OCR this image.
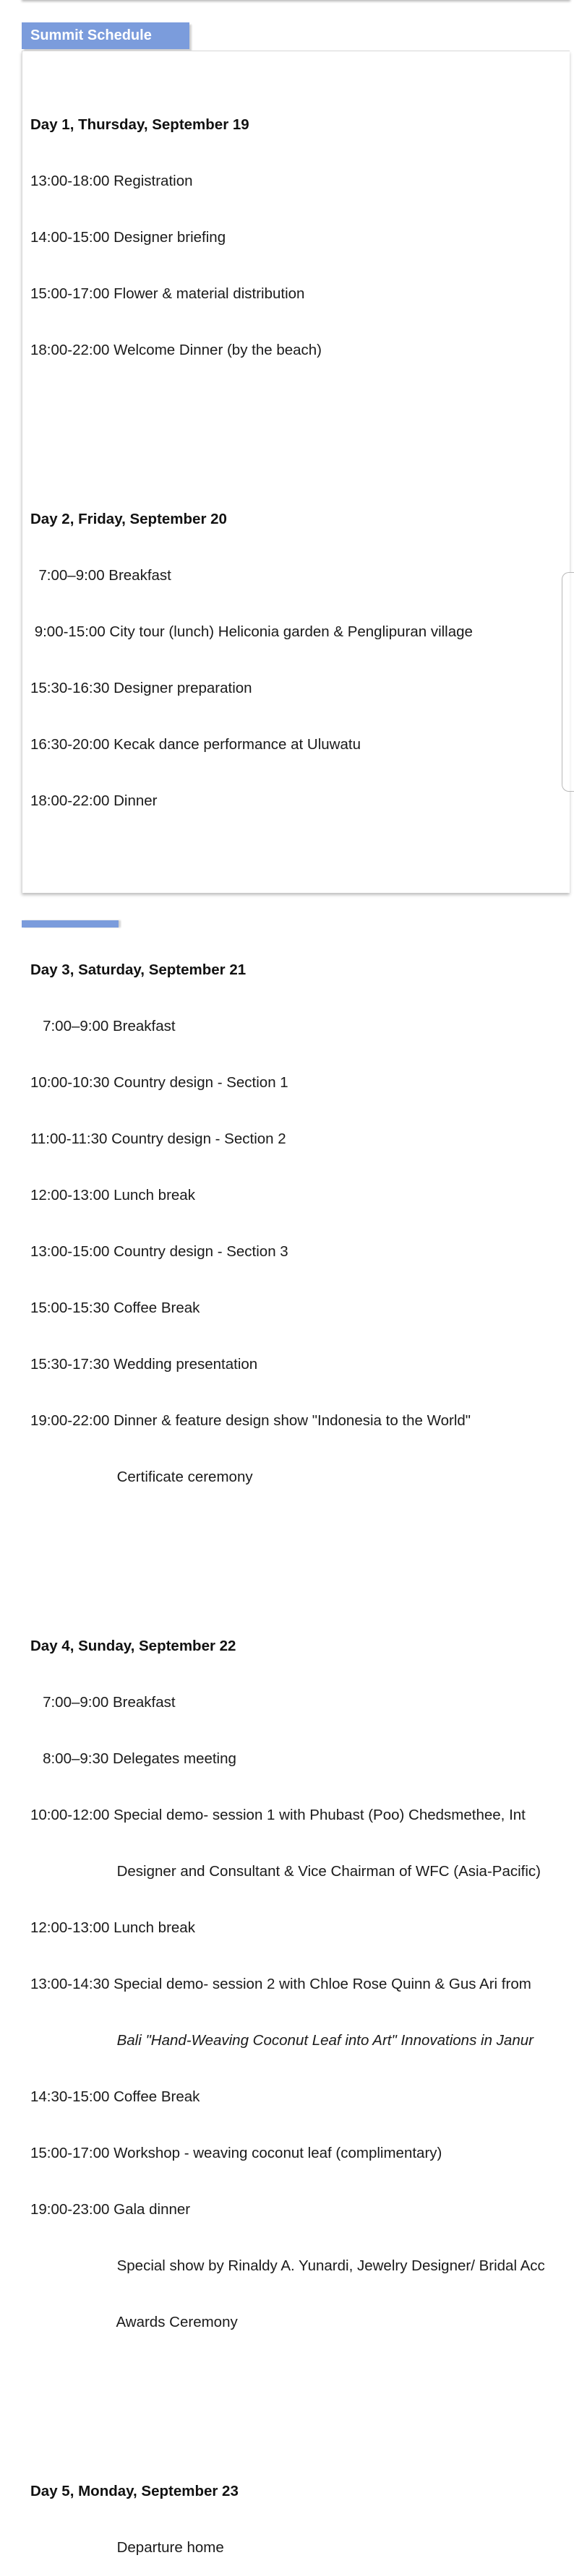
Summit Schedule

Day 1, Thursday, September 19

13:00-18:00 Registration

14:00-15:00 Designer briefing

15:00-17:00 Flower & material distribution

18:00-22:00 Welcome Dinner (by the beach)

Day 2, Friday, September 20

7:00–9:00 Breakfast

9:00-15:00 City tour (lunch) Heliconia garden & Penglipuran village

15:30-16:30 Designer preparation

16:30-20:00 Kecak dance performance at Uluwatu

18:00-22:00 Dinner

Day 3, Saturday, September 21

7:00–9:00 Breakfast

10:00-10:30 Country design - Section 1

11:00-11:30 Country design - Section 2

12:00-13:00 Lunch break

13:00-15:00 Country design - Section 3

15:00-15:30 Coffee Break

15:30-17:30 Wedding presentation

19:00-22:00 Dinner & feature design show "Indonesia to the World"

Certificate ceremony

Day 4, Sunday, September 22

7:00–9:00 Breakfast

8:00–9:30 Delegates meeting

10:00-12:00 Special demo- session 1 with Phubast (Poo) Chedsmethee, Int

Designer and Consultant & Vice Chairman of WFC (Asia-Pacific)

12:00-13:00 Lunch break

13:00-14:30 Special demo- session 2 with Chloe Rose Quinn & Gus Ari from

Bali "Hand-Weaving Coconut Leaf into Art" Innovations in Janur

14:30-15:00 Coffee Break

15:00-17:00 Workshop - weaving coconut leaf (complimentary)

19:00-23:00 Gala dinner

Special show by Rinaldy A. Yunardi, Jewelry Designer/ Bridal Acc

Awards Ceremony

Day 5, Monday, September 23

Departure home
